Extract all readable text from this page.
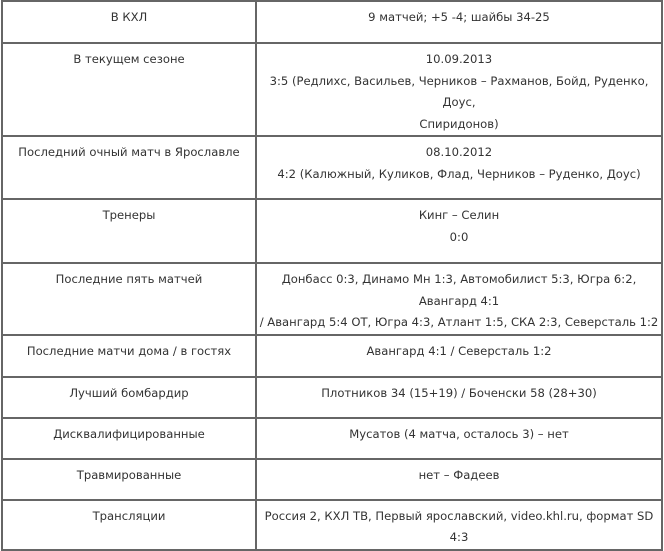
В КХЛ	9 матчей; +5 -4; шайбы 34-25

В текущем сезоне	10.09.2013
3:5 (Редлихс, Васильев, Черников – Рахманов, Бойд, Руденко, Доус,
Спиридонов)

Последний очный матч в Ярославле	08.10.2012
4:2 (Калюжный, Куликов, Флад, Черников – Руденко, Доус)

Тренеры	Кинг – Селин
0:0

Последние пять матчей	Донбасс 0:3, Динамо Мн 1:3, Автомобилист 5:3, Югра 6:2, Авангард 4:1
/ Авангард 5:4 ОТ, Югра 4:3, Атлант 1:5, СКА 2:3, Северсталь 1:2

Последние матчи дома / в гостях	Авангард 4:1 / Северсталь 1:2

Лучший бомбардир	Плотников 34 (15+19) / Боченски 58 (28+30)

Дисквалифицированные	Мусатов (4 матча, осталось 3) – нет

Травмированные	нет – Фадеев

Трансляции	Россия 2, КХЛ ТВ, Первый ярославский, video.khl.ru, формат SD 4:3
